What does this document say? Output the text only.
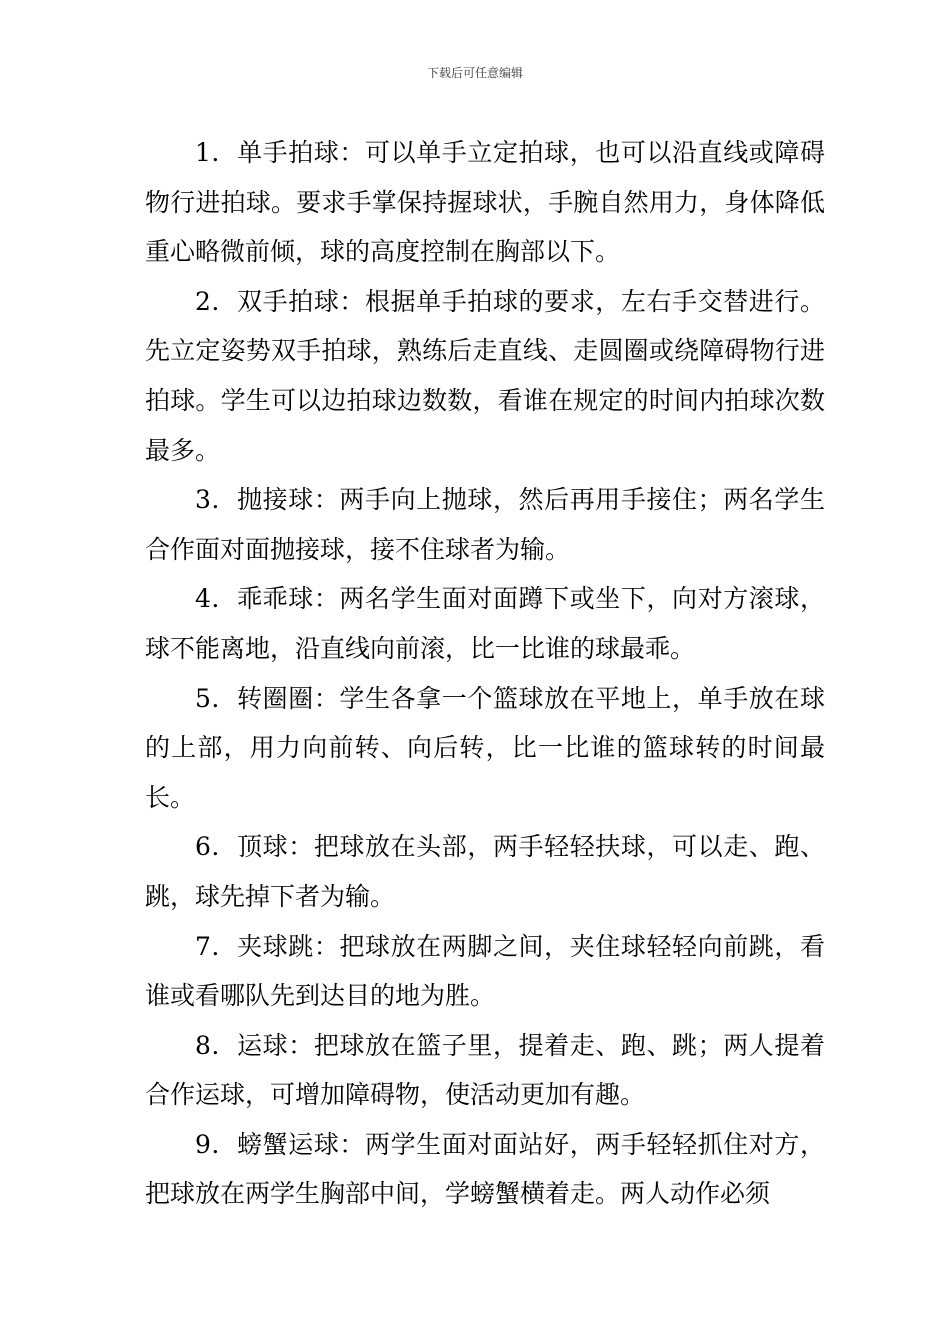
下载后可任意编辑

1．单手拍球：可以单手立定拍球，也可以沿直线或障碍物行进拍球。要求手掌保持握球状，手腕自然用力，身体降低重心略微前倾，球的高度控制在胸部以下。

2．双手拍球：根据单手拍球的要求，左右手交替进行。先立定姿势双手拍球，熟练后走直线、走圆圈或绕障碍物行进拍球。学生可以边拍球边数数，看谁在规定的时间内拍球次数最多。

3．抛接球：两手向上抛球，然后再用手接住；两名学生合作面对面抛接球，接不住球者为输。

4．乖乖球：两名学生面对面蹲下或坐下，向对方滚球，球不能离地，沿直线向前滚，比一比谁的球最乖。

5．转圈圈：学生各拿一个篮球放在平地上，单手放在球的上部，用力向前转、向后转，比一比谁的篮球转的时间最长。

6．顶球：把球放在头部，两手轻轻扶球，可以走、跑、跳，球先掉下者为输。

7．夹球跳：把球放在两脚之间，夹住球轻轻向前跳，看谁或看哪队先到达目的地为胜。

8．运球：把球放在篮子里，提着走、跑、跳；两人提着合作运球，可增加障碍物，使活动更加有趣。

9．螃蟹运球：两学生面对面站好，两手轻轻抓住对方，把球放在两学生胸部中间，学螃蟹横着走。两人动作必须
